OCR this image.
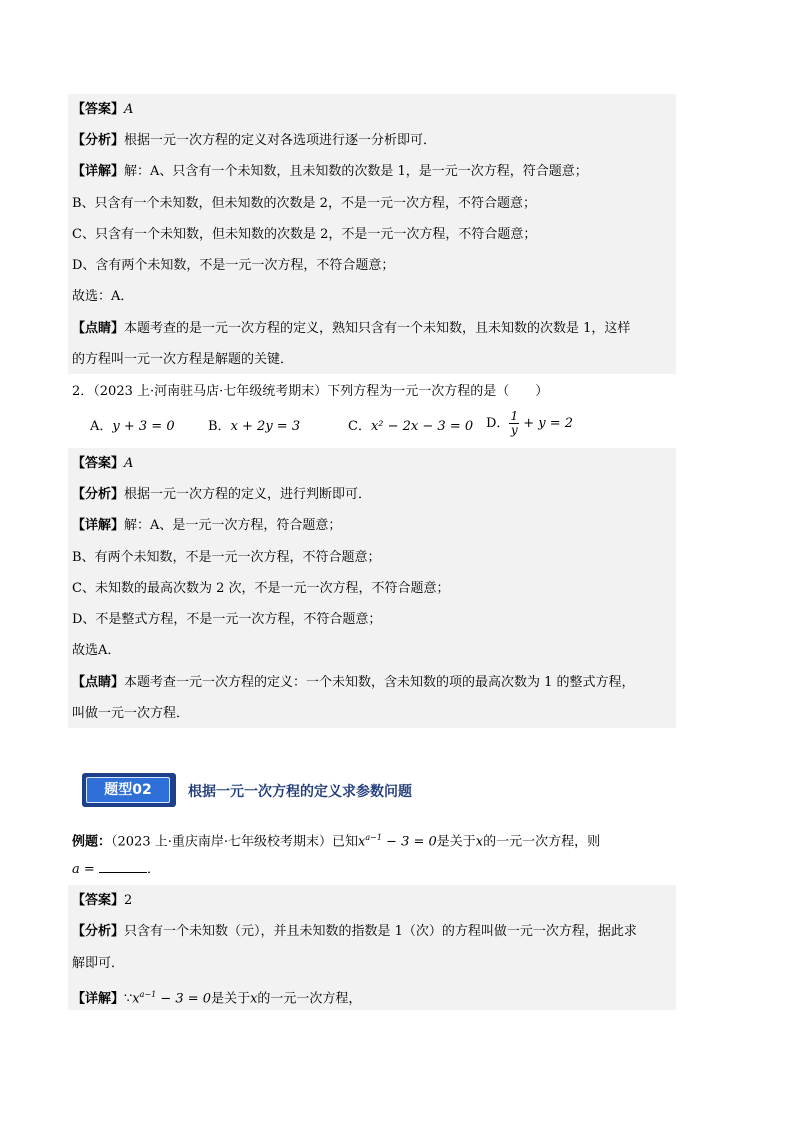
【答案】A
【分析】根据一元一次方程的定义对各选项进行逐一分析即可．
【详解】解：A、只含有一个未知数，且未知数的次数是 1，是一元一次方程，符合题意；
B、只含有一个未知数，但未知数的次数是 2，不是一元一次方程，不符合题意；
C、只含有一个未知数，但未知数的次数是 2，不是一元一次方程，不符合题意；
D、含有两个未知数，不是一元一次方程，不符合题意；
故选：A．
【点睛】本题考查的是一元一次方程的定义，熟知只含有一个未知数，且未知数的次数是 1，这样
的方程叫一元一次方程是解题的关键．
2．（2023 上·河南驻马店·七年级统考期末）下列方程为一元一次方程的是（　　）
A．y + 3 = 0	B．x + 2y = 3	C．x² − 2x − 3 = 0 D． $\frac{1}{y} + y = 2$
【答案】A
【分析】根据一元一次方程的定义，进行判断即可．
【详解】解：A、是一元一次方程，符合题意；
B、有两个未知数，不是一元一次方程，不符合题意；
C、未知数的最高次数为 2 次，不是一元一次方程，不符合题意；
D、不是整式方程，不是一元一次方程，不符合题意；
故选A．
【点睛】本题考查一元一次方程的定义：一个未知数，含未知数的项的最高次数为 1 的整式方程，
叫做一元一次方程．
题型02	根据一元一次方程的定义求参数问题
例题：（2023 上·重庆南岸·七年级校考期末）已知$x^{a-1} - 3 = 0$是关于x的一元一次方程，则
a =	．
【答案】2
【分析】只含有一个未知数（元），并且未知数的指数是 1（次）的方程叫做一元一次方程，据此求
解即可．
【详解】$\because x^{a-1} - 3 = 0$是关于x的一元一次方程，
